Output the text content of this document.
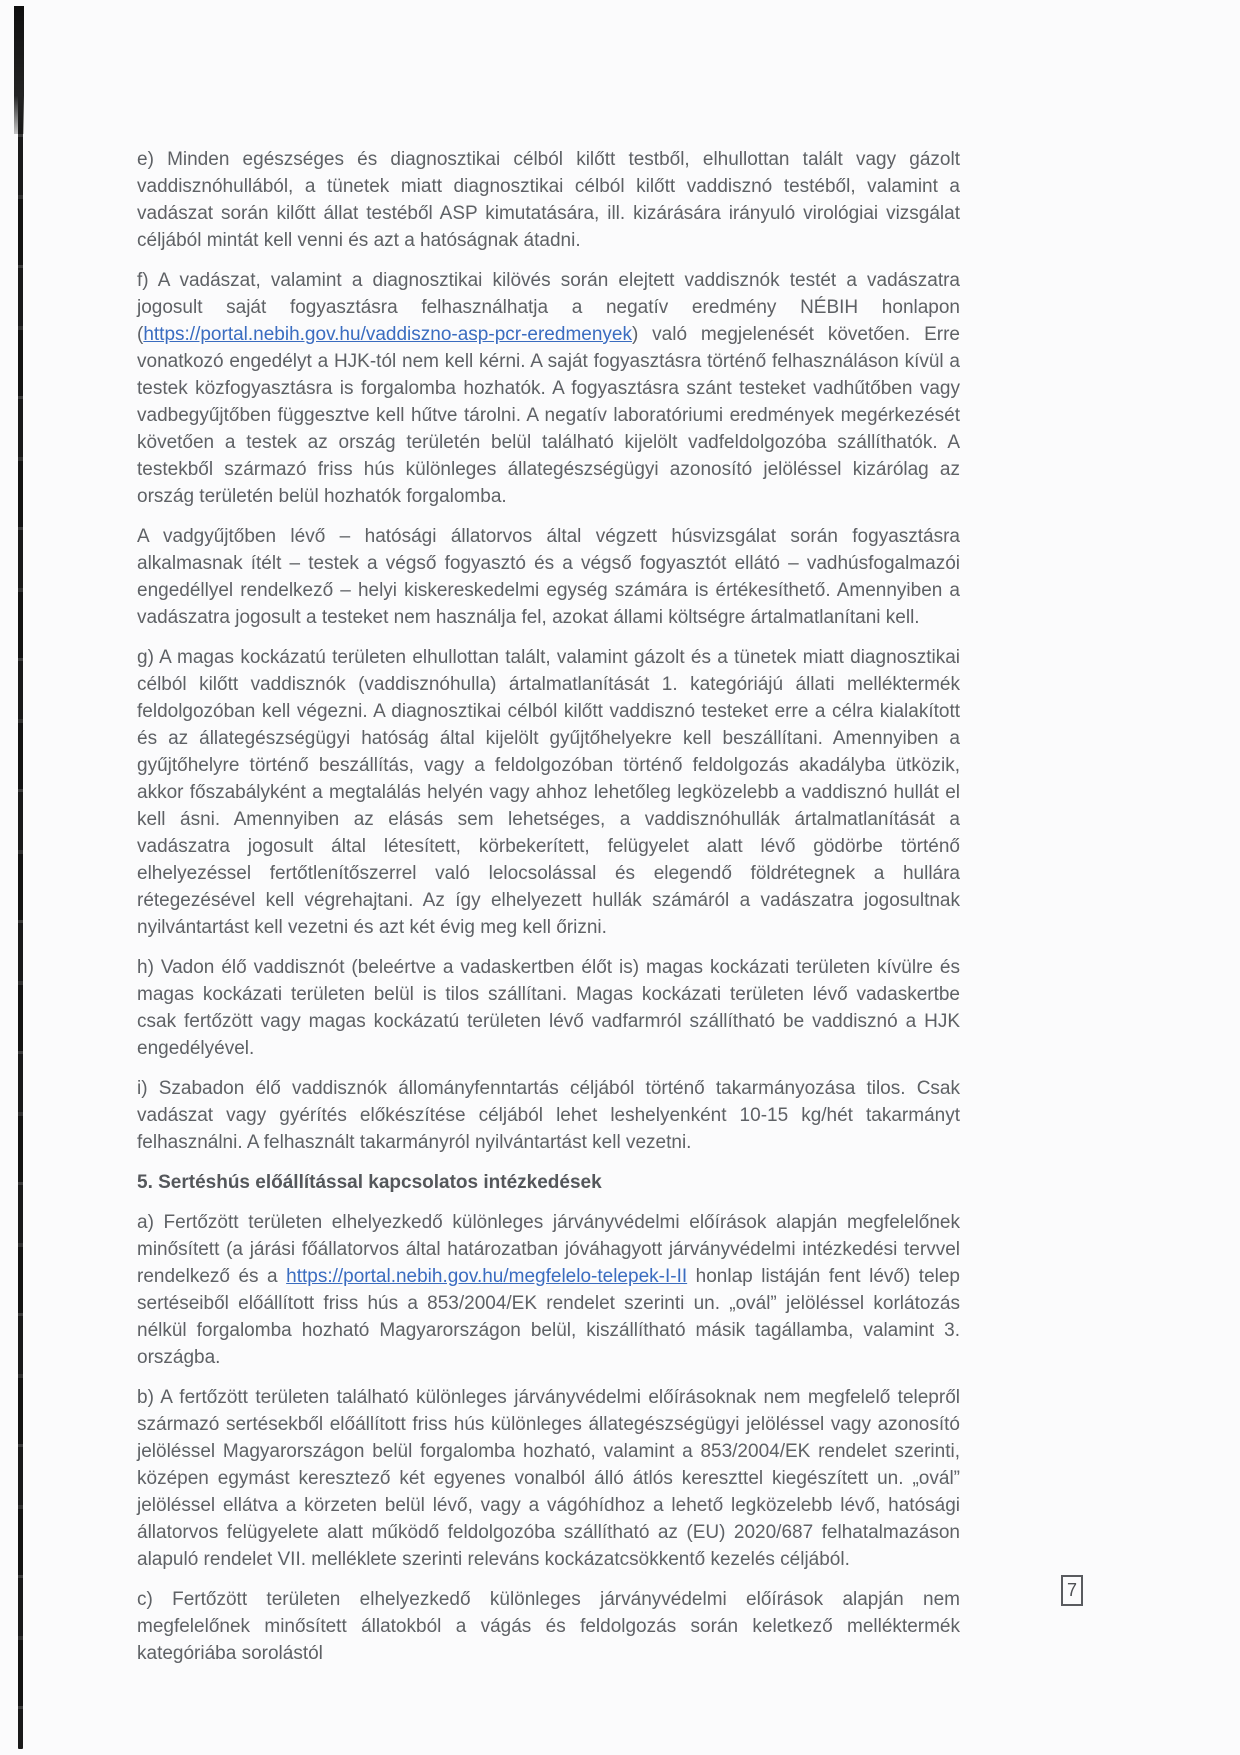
e) Minden egészséges és diagnosztikai célból kilőtt testből, elhullottan talált vagy gázolt vaddisznóhullából, a tünetek miatt diagnosztikai célból kilőtt vaddisznó testéből, valamint a vadászat során kilőtt állat testéből ASP kimutatására, ill. kizárására irányuló virológiai vizsgálat céljából mintát kell venni és azt a hatóságnak átadni.

f) A vadászat, valamint a diagnosztikai kilövés során elejtett vaddisznók testét a vadászatra jogosult saját fogyasztásra felhasználhatja a negatív eredmény NÉBIH honlapon (https://portal.nebih.gov.hu/vaddiszno-asp-pcr-eredmenyek) való megjelenését követően. Erre vonatkozó engedélyt a HJK-tól nem kell kérni. A saját fogyasztásra történő felhasználáson kívül a testek közfogyasztásra is forgalomba hozhatók. A fogyasztásra szánt testeket vadhűtőben vagy vadbegyűjtőben függesztve kell hűtve tárolni. A negatív laboratóriumi eredmények megérkezését követően a testek az ország területén belül található kijelölt vadfeldolgozóba szállíthatók. A testekből származó friss hús különleges állategészségügyi azonosító jelöléssel kizárólag az ország területén belül hozhatók forgalomba.

A vadgyűjtőben lévő – hatósági állatorvos által végzett húsvizsgálat során fogyasztásra alkalmasnak ítélt – testek a végső fogyasztó és a végső fogyasztót ellátó – vadhúsfogalmazói engedéllyel rendelkező – helyi kiskereskedelmi egység számára is értékesíthető. Amennyiben a vadászatra jogosult a testeket nem használja fel, azokat állami költségre ártalmatlanítani kell.

g) A magas kockázatú területen elhullottan talált, valamint gázolt és a tünetek miatt diagnosztikai célból kilőtt vaddisznók (vaddisznóhulla) ártalmatlanítását 1. kategóriájú állati melléktermék feldolgozóban kell végezni. A diagnosztikai célból kilőtt vaddisznó testeket erre a célra kialakított és az állategészségügyi hatóság által kijelölt gyűjtőhelyekre kell beszállítani. Amennyiben a gyűjtőhelyre történő beszállítás, vagy a feldolgozóban történő feldolgozás akadályba ütközik, akkor főszabályként a megtalálás helyén vagy ahhoz lehetőleg legközelebb a vaddisznó hullát el kell ásni. Amennyiben az elásás sem lehetséges, a vaddisznóhullák ártalmatlanítását a vadászatra jogosult által létesített, körbekerített, felügyelet alatt lévő gödörbe történő elhelyezéssel fertőtlenítőszerrel való lelocsolással és elegendő földrétegnek a hullára rétegezésével kell végrehajtani. Az így elhelyezett hullák számáról a vadászatra jogosultnak nyilvántartást kell vezetni és azt két évig meg kell őrizni.

h) Vadon élő vaddisznót (beleértve a vadaskertben élőt is) magas kockázati területen kívülre és magas kockázati területen belül is tilos szállítani. Magas kockázati területen lévő vadaskertbe csak fertőzött vagy magas kockázatú területen lévő vadfarmról szállítható be vaddisznó a HJK engedélyével.

i) Szabadon élő vaddisznók állományfenntartás céljából történő takarmányozása tilos. Csak vadászat vagy gyérítés előkészítése céljából lehet leshelyenként 10-15 kg/hét takarmányt felhasználni. A felhasznált takarmányról nyilvántartást kell vezetni.

5. Sertéshús előállítással kapcsolatos intézkedések

a) Fertőzött területen elhelyezkedő különleges járványvédelmi előírások alapján megfelelőnek minősített (a járási főállatorvos által határozatban jóváhagyott járványvédelmi intézkedési tervvel rendelkező és a https://portal.nebih.gov.hu/megfelelo-telepek-I-II honlap listáján fent lévő) telep sertéseiből előállított friss hús a 853/2004/EK rendelet szerinti un. „ovál” jelöléssel korlátozás nélkül forgalomba hozható Magyarországon belül, kiszállítható másik tagállamba, valamint 3. országba.

b) A fertőzött területen található különleges járványvédelmi előírásoknak nem megfelelő telepről származó sertésekből előállított friss hús különleges állategészségügyi jelöléssel vagy azonosító jelöléssel Magyarországon belül forgalomba hozható, valamint a 853/2004/EK rendelet szerinti, középen egymást keresztező két egyenes vonalból álló átlós kereszttel kiegészített un. „ovál” jelöléssel ellátva a körzeten belül lévő, vagy a vágóhídhoz a lehető legközelebb lévő, hatósági állatorvos felügyelete alatt működő feldolgozóba szállítható az (EU) 2020/687 felhatalmazáson alapuló rendelet VII. melléklete szerinti releváns kockázatcsökkentő kezelés céljából.

c) Fertőzött területen elhelyezkedő különleges járványvédelmi előírások alapján nem megfelelőnek minősített állatokból a vágás és feldolgozás során keletkező melléktermék kategóriába sorolástól

7
